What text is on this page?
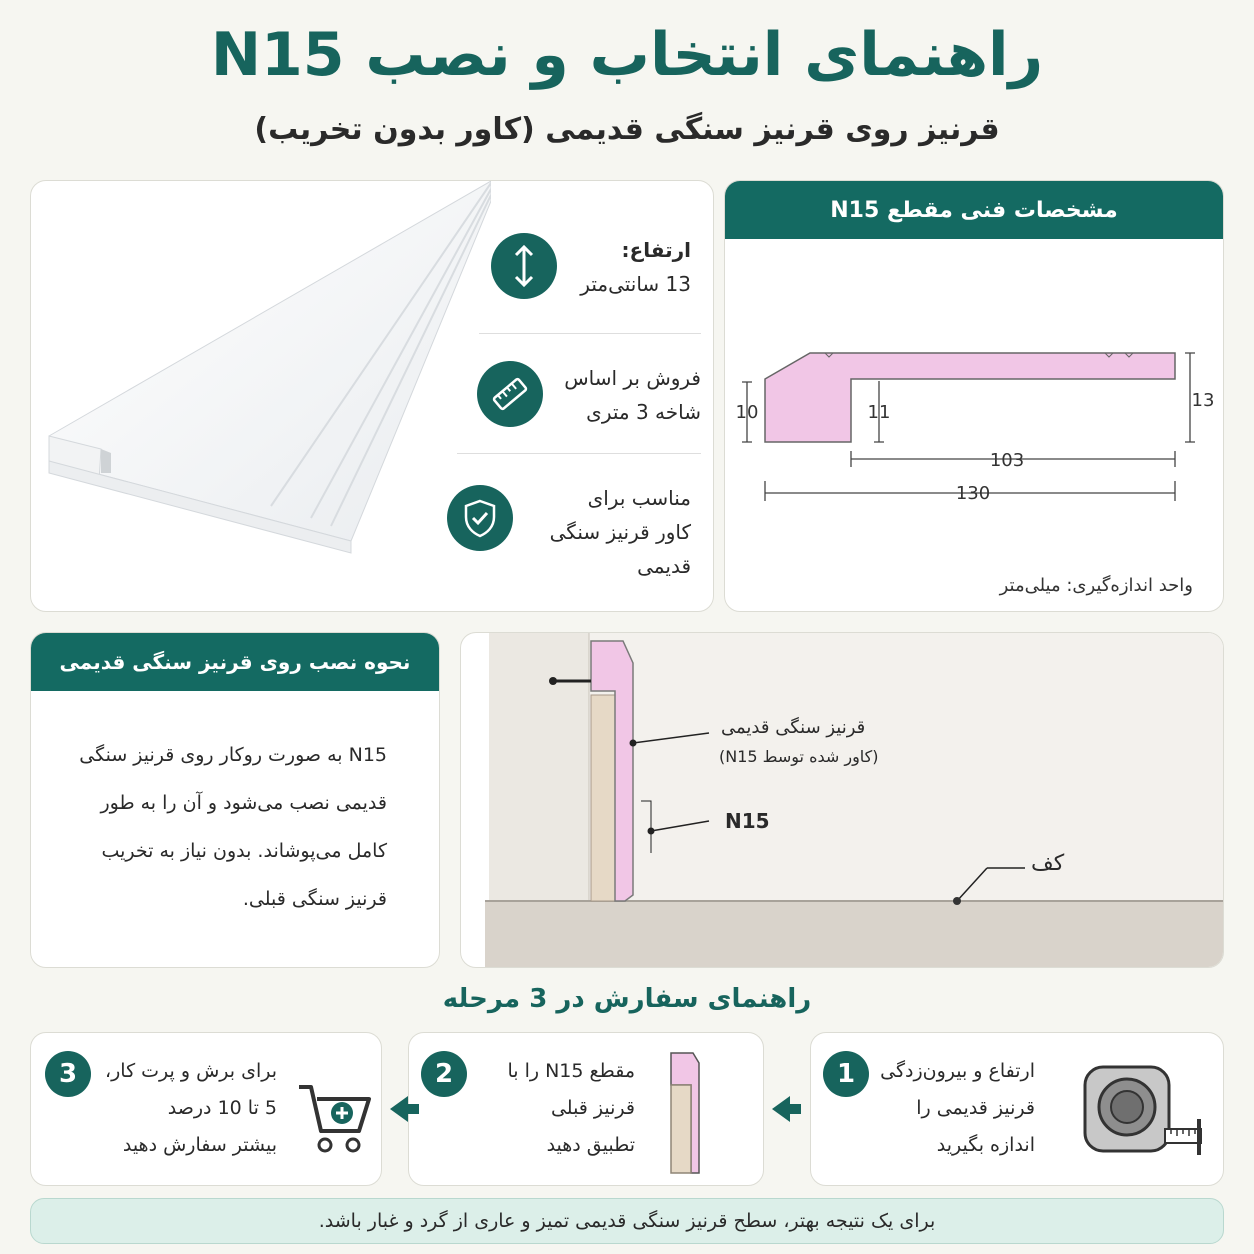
راهنمای انتخاب و نصب N15
قرنیز روی قرنیز سنگی قدیمی (کاور بدون تخریب)
ارتفاع:
13 سانتی‌متر
فروش بر اساس
شاخه 3 متری
مناسب برای
کاور قرنیز سنگی
قدیمی
مشخصات فنی مقطع N15
10	11
13
103
130
واحد اندازه‌گیری: میلی‌متر
نحوه نصب روی قرنیز سنگی قدیمی
N15 به صورت روکار روی قرنیز سنگی
قدیمی نصب می‌شود و آن را به طور
کامل می‌پوشاند. بدون نیاز به تخریب
قرنیز سنگی قبلی.
قرنیز سنگی قدیمی
(کاور شده توسط N15)
N15
کف
راهنمای سفارش در 3 مرحله
1	ارتفاع و بیرون‌زدگی
قرنیز قدیمی را
اندازه بگیرید
2	مقطع N15 را با
قرنیز قبلی
تطبیق دهید
3	برای برش و پرت کار،
5 تا 10 درصد
بیشتر سفارش دهید
برای یک نتیجه بهتر، سطح قرنیز سنگی قدیمی تمیز و عاری از گرد و غبار باشد.
